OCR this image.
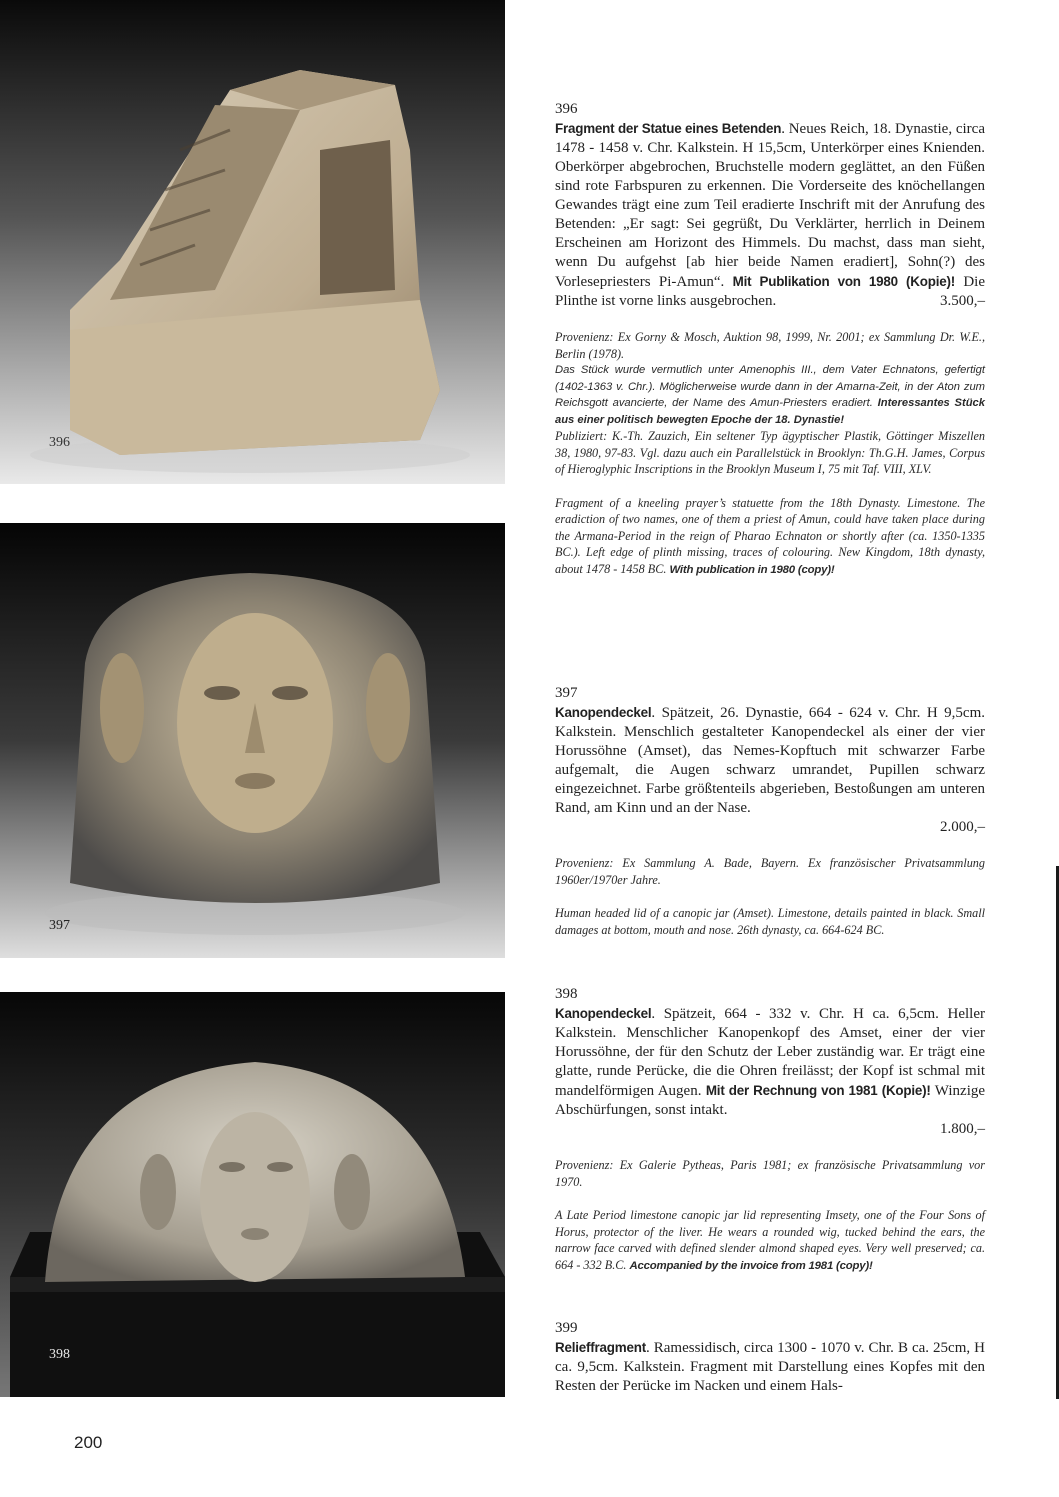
396
397
398

396

Fragment der Statue eines Betenden. Neues Reich, 18. Dynastie, circa 1478 - 1458 v. Chr. Kalkstein. H 15,5cm, Unterkörper eines Knienden. Oberkörper abgebrochen, Bruchstelle modern geglättet, an den Füßen sind rote Farbspuren zu erkennen. Die Vorderseite des knöchellangen Gewandes trägt eine zum Teil eradierte Inschrift mit der Anrufung des Betenden: „Er sagt: Sei gegrüßt, Du Verklärter, herrlich in Deinem Erscheinen am Horizont des Himmels. Du machst, dass man sieht, wenn Du aufgehst [ab hier beide Namen eradiert], Sohn(?) des Vorlesepriesters Pi-Amun“. Mit Publikation von 1980 (Kopie)! Die Plinthe ist vorne links ausgebrochen.	3.500,–

Provenienz: Ex Gorny & Mosch, Auktion 98, 1999, Nr. 2001; ex Sammlung Dr. W.E., Berlin (1978).

Das Stück wurde vermutlich unter Amenophis III., dem Vater Echnatons, gefertigt (1402-1363 v. Chr.). Möglicherweise wurde dann in der Amarna-Zeit, in der Aton zum Reichsgott avancierte, der Name des Amun-Priesters eradiert. Interessantes Stück aus einer politisch bewegten Epoche der 18. Dynastie!

Publiziert: K.-Th. Zauzich, Ein seltener Typ ägyptischer Plastik, Göttinger Miszellen 38, 1980, 97-83. Vgl. dazu auch ein Parallelstück in Brooklyn: Th.G.H. James, Corpus of Hieroglyphic Inscriptions in the Brooklyn Museum I, 75 mit Taf. VIII, XLV.

Fragment of a kneeling prayer’s statuette from the 18th Dynasty. Limestone. The eradiction of two names, one of them a priest of Amun, could have taken place during the Armana-Period in the reign of Pharao Echnaton or shortly after (ca. 1350-1335 BC.). Left edge of plinth missing, traces of colouring. New Kingdom, 18th dynasty, about 1478 - 1458 BC. With publication in 1980 (copy)!

397

Kanopendeckel. Spätzeit, 26. Dynastie, 664 - 624 v. Chr. H 9,5cm. Kalkstein. Menschlich gestalteter Kanopendeckel als einer der vier Horussöhne (Amset), das Nemes-Kopftuch mit schwarzer Farbe aufgemalt, die Augen schwarz umrandet, Pupillen schwarz eingezeichnet. Farbe größtenteils abgerieben, Bestoßungen am unteren Rand, am Kinn und an der Nase.

2.000,–

Provenienz: Ex Sammlung A. Bade, Bayern. Ex französischer Privatsammlung 1960er/1970er Jahre.

Human headed lid of a canopic jar (Amset). Limestone, details painted in black. Small damages at bottom, mouth and nose. 26th dynasty, ca. 664-624 BC.

398

Kanopendeckel. Spätzeit, 664 - 332 v. Chr. H ca. 6,5cm. Heller Kalkstein. Menschlicher Kanopenkopf des Amset, einer der vier Horussöhne, der für den Schutz der Leber zuständig war. Er trägt eine glatte, runde Perücke, die die Ohren freilässt; der Kopf ist schmal mit mandelförmigen Augen. Mit der Rechnung von 1981 (Kopie)! Winzige Abschürfungen, sonst intakt.

1.800,–

Provenienz: Ex Galerie Pytheas, Paris 1981; ex französische Privatsammlung vor 1970.

A Late Period limestone canopic jar lid representing Imsety, one of the Four Sons of Horus, protector of the liver. He wears a rounded wig, tucked behind the ears, the narrow face carved with defined slender almond shaped eyes. Very well preserved; ca. 664 - 332 B.C. Accompanied by the invoice from 1981 (copy)!

399

Relieffragment. Ramessidisch, circa 1300 - 1070 v. Chr. B ca. 25cm, H ca. 9,5cm. Kalkstein. Fragment mit Darstellung eines Kopfes mit den Resten der Perücke im Nacken und einem Hals-

200
